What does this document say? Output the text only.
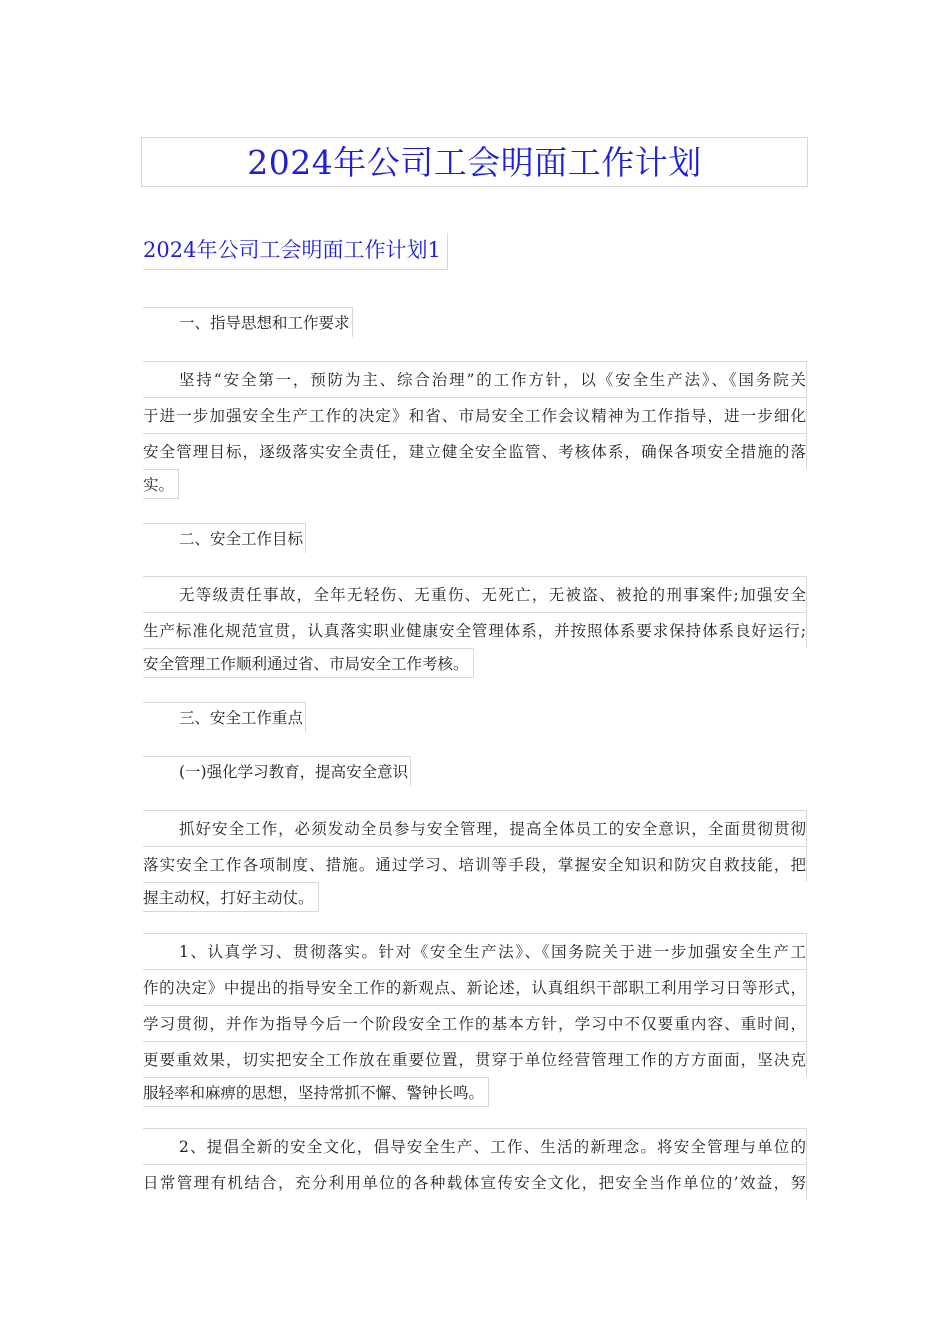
2024年公司工会明面工作计划
2024年公司工会明面工作计划1
一、指导思想和工作要求
坚持“安全第一，预防为主、综合治理”的工作方针，以《安全生产法》、《国务院关
于进一步加强安全生产工作的决定》和省、市局安全工作会议精神为工作指导，进一步细化
安全管理目标，逐级落实安全责任，建立健全安全监管、考核体系，确保各项安全措施的落
实。
二、安全工作目标
无等级责任事故，全年无轻伤、无重伤、无死亡，无被盗、被抢的刑事案件;加强安全
生产标准化规范宣贯，认真落实职业健康安全管理体系，并按照体系要求保持体系良好运行;
安全管理工作顺利通过省、市局安全工作考核。
三、安全工作重点
(一)强化学习教育，提高安全意识
抓好安全工作，必须发动全员参与安全管理，提高全体员工的安全意识，全面贯彻贯彻
落实安全工作各项制度、措施。通过学习、培训等手段，掌握安全知识和防灾自救技能，把
握主动权，打好主动仗。
1、认真学习、贯彻落实。针对《安全生产法》、《国务院关于进一步加强安全生产工
作的决定》中提出的指导安全工作的新观点、新论述，认真组织干部职工利用学习日等形式，
学习贯彻，并作为指导今后一个阶段安全工作的基本方针，学习中不仅要重内容、重时间，
更要重效果，切实把安全工作放在重要位置，贯穿于单位经营管理工作的方方面面，坚决克
服轻率和麻痹的思想，坚持常抓不懈、警钟长鸣。
2、提倡全新的安全文化，倡导安全生产、工作、生活的新理念。将安全管理与单位的
日常管理有机结合，充分利用单位的各种载体宣传安全文化，把安全当作单位的’效益，努
